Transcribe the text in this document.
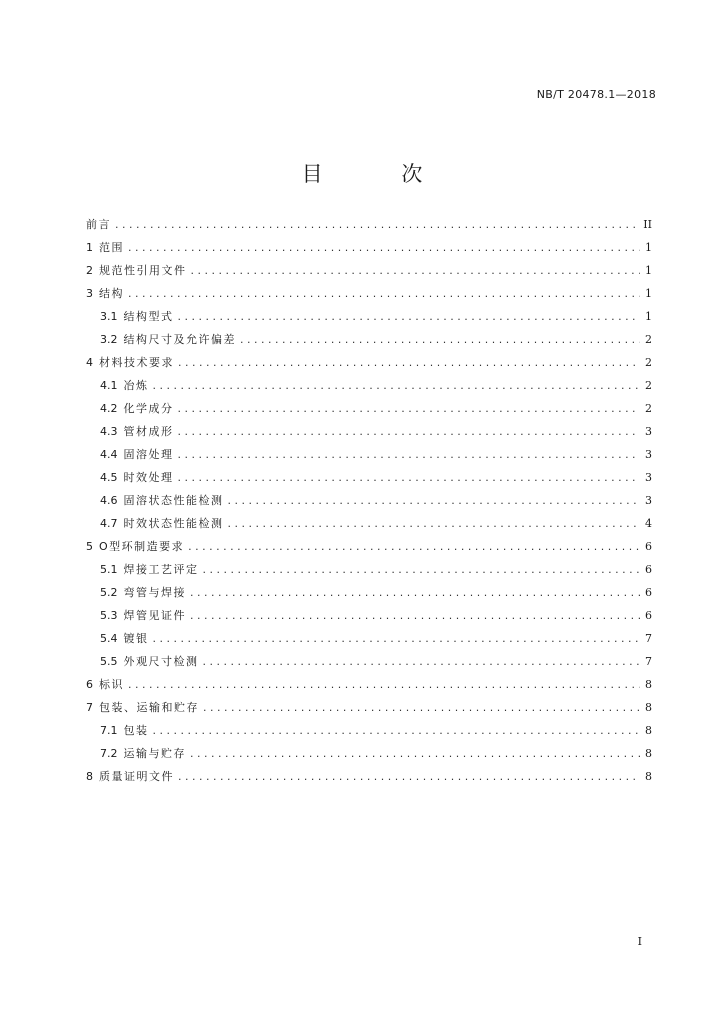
NB/T 20478.1—2018
目 次
前言 . . .	II
1 范围 . . .	1
2 规范性引用文件 . . .	1
3 结构 . . .	1
3.1 结构型式 . . .	1
3.2 结构尺寸及允许偏差 . . .	2
4 材料技术要求 . . .	2
4.1 冶炼 . . .	2
4.2 化学成分 . . .	2
4.3 管材成形 . . .	3
4.4 固溶处理 . . .	3
4.5 时效处理 . . .	3
4.6 固溶状态性能检测 . . .	3
4.7 时效状态性能检测 . . .	4
5 O型环制造要求 . . .	6
5.1 焊接工艺评定 . . .	6
5.2 弯管与焊接 . . .	6
5.3 焊管见证件 . . .	6
5.4 镀银 . . .	7
5.5 外观尺寸检测 . . .	7
6 标识 . . .	8
7 包装、运输和贮存 . . .	8
7.1 包装 . . .	8
7.2 运输与贮存 . . .	8
8 质量证明文件 . . .	8
I
